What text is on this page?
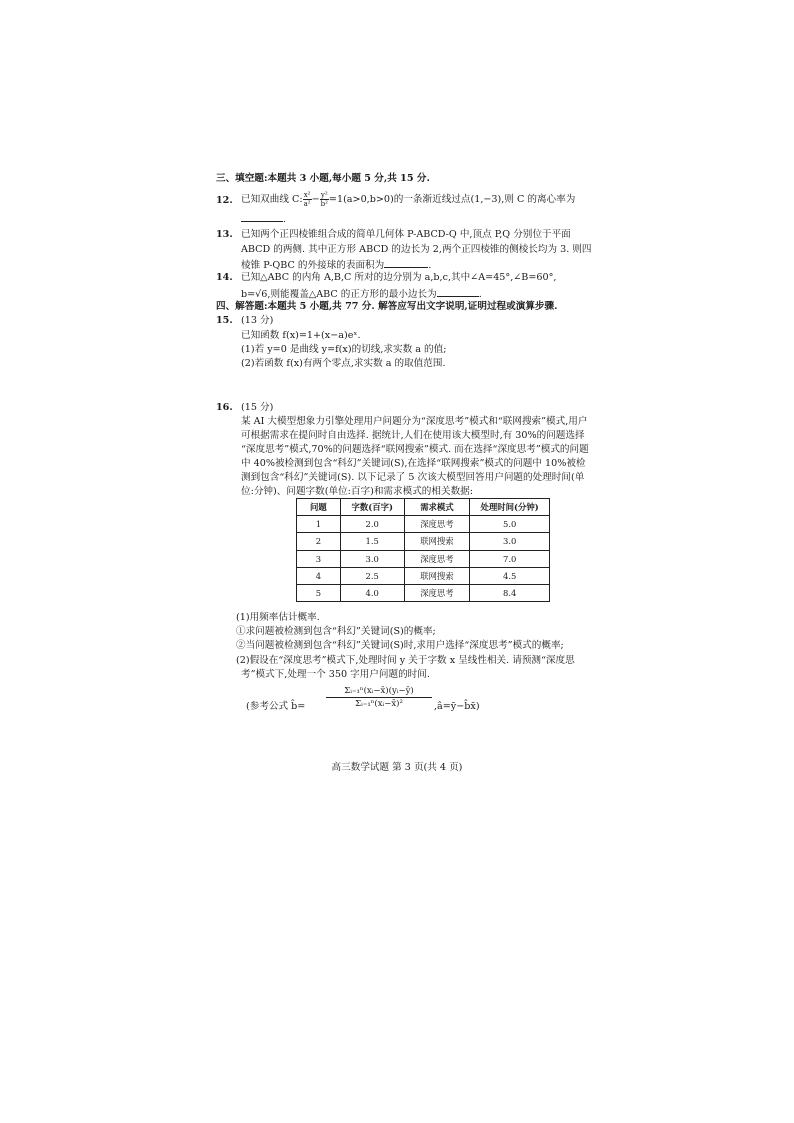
三、填空题:本题共 3 小题,每小题 5 分,共 15 分.
12. 已知双曲线 C: $\frac{\text{x²}}{\text{a²}} - \frac{\text{y²}}{\text{b²}} =1(a>0,b>0)$的一条渐近线过点(1,−3),则 C 的离心率为
.
13. 已知两个正四棱锥组合成的简单几何体 P-ABCD-Q 中,顶点 P,Q 分别位于平面
ABCD 的两侧. 其中正方形 ABCD 的边长为 2,两个正四棱锥的侧棱长均为 3. 则四
棱锥 P-QBC 的外接球的表面积为	.
14. 已知△ABC 的内角 A,B,C 所对的边分别为 a,b,c,其中∠A=45°,∠B=60°,
b=√6,则能覆盖△ABC 的正方形的最小边长为	.
四、解答题:本题共 5 小题,共 77 分. 解答应写出文字说明,证明过程或演算步骤.
15. (13 分)
已知函数 f(x)=1+(x−a)eˣ.
(1)若 y=0 是曲线 y=f(x)的切线,求实数 a 的值;
(2)若函数 f(x)有两个零点,求实数 a 的取值范围.
16. (15 分)
某 AI 大模型想象力引擎处理用户问题分为“深度思考”模式和“联网搜索”模式,用户
可根据需求在提问时自由选择. 据统计,人们在使用该大模型时,有 30%的问题选择
“深度思考”模式,70%的问题选择“联网搜索”模式. 而在选择“深度思考”模式的问题
中 40%被检测到包含“科幻”关键词(S),在选择“联网搜索”模式的问题中 10%被检
测到包含“科幻”关键词(S). 以下记录了 5 次该大模型回答用户问题的处理时间(单
位:分钟)、问题字数(单位:百字)和需求模式的相关数据:
问题	字数(百字)	需求模式	处理时间(分钟)
1	2.0	深度思考	5.0
2	1.5	联网搜索	3.0
3	3.0	深度思考	7.0
4	2.5	联网搜索	4.5
5	4.0	深度思考	8.4
(1)用频率估计概率.
①求问题被检测到包含“科幻”关键词(S)的概率;
②当问题被检测到包含“科幻”关键词(S)时,求用户选择“深度思考”模式的概率;
(2)假设在“深度思考”模式下,处理时间 y 关于字数 x 呈线性相关. 请预测“深度思
考”模式下,处理一个 350 字用户问题的时间.
(参考公式 b̂=
Σᵢ₌₁ⁿ(xᵢ−x̄)(yᵢ−ȳ)
Σᵢ₌₁ⁿ(xᵢ−x̄)²	,â=ȳ−b̂x̄)
高三数学试题 第 3 页(共 4 页)
